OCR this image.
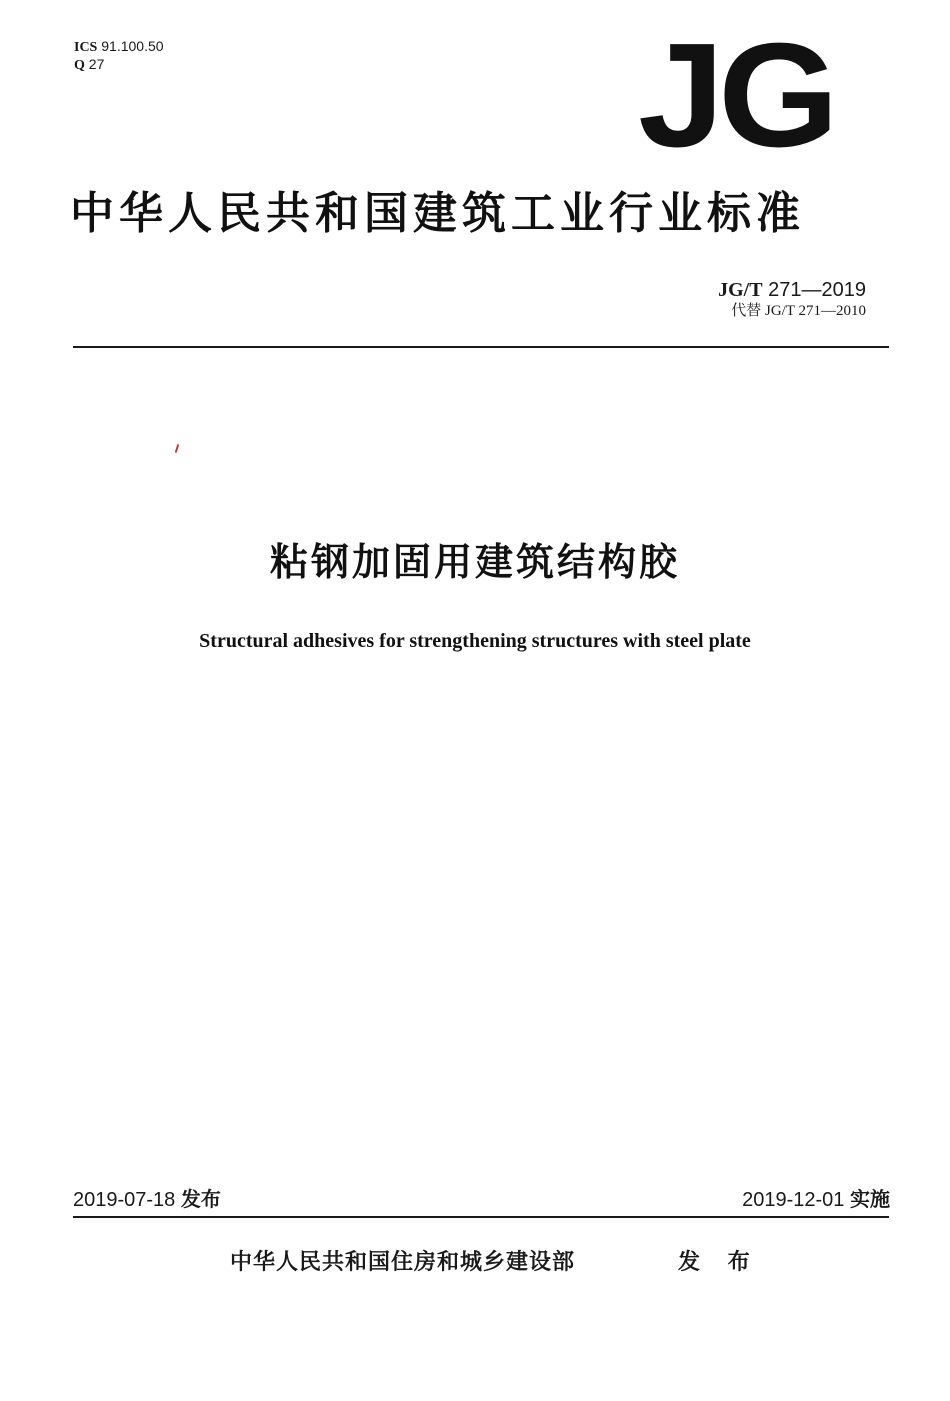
ICS 91.100.50
Q 27	JG
中华人民共和国建筑工业行业标准
JG/T 271—2019
代替 JG/T 271—2010
粘钢加固用建筑结构胶
Structural adhesives for strengthening structures with steel plate
2019-07-18 发布	2019-12-01 实施
中华人民共和国住房和城乡建设部	发 布
